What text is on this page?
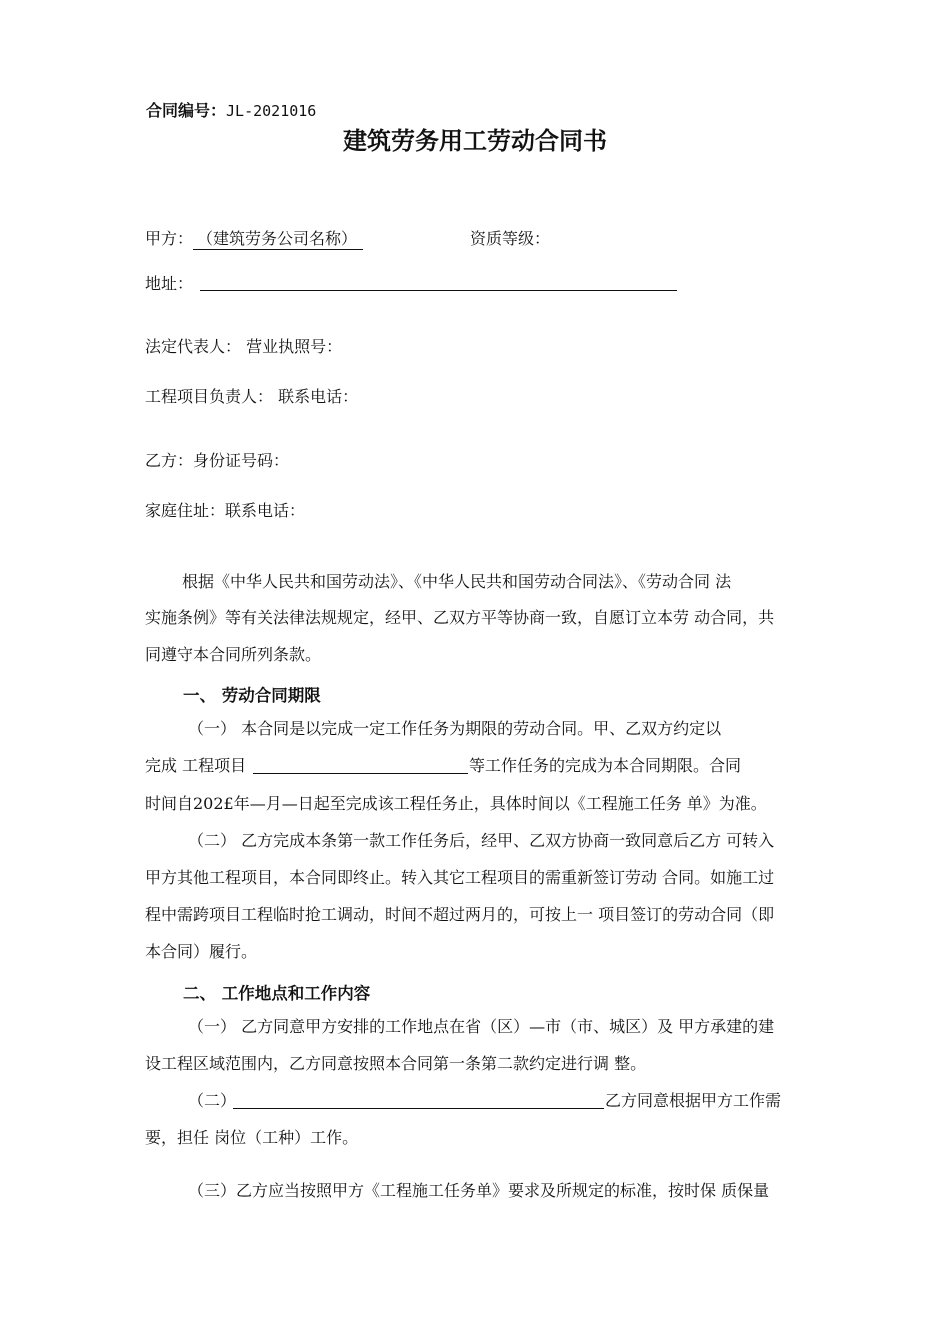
合同编号：JL-2021016
建筑劳务用工劳动合同书
甲方： （建筑劳务公司名称）	资质等级：
地址：
法定代表人： 营业执照号：
工程项目负责人： 联系电话：
乙方：身份证号码：
家庭住址：联系电话：
根据《中华人民共和国劳动法》、《中华人民共和国劳动合同法》、《劳动合同 法
实施条例》等有关法律法规规定，经甲、乙双方平等协商一致，自愿订立本劳 动合同，共
同遵守本合同所列条款。
一、 劳动合同期限
（一） 本合同是以完成一定工作任务为期限的劳动合同。甲、乙双方约定以
完成 工程项目	等工作任务的完成为本合同期限。合同
时间自202£年—月—日起至完成该工程任务止，具体时间以《工程施工任务 单》为准。
（二） 乙方完成本条第一款工作任务后，经甲、乙双方协商一致同意后乙方 可转入
甲方其他工程项目，本合同即终止。转入其它工程项目的需重新签订劳动 合同。如施工过
程中需跨项目工程临时抢工调动，时间不超过两月的，可按上一 项目签订的劳动合同（即
本合同）履行。
二、 工作地点和工作内容
（一） 乙方同意甲方安排的工作地点在省（区）—市（市、城区）及 甲方承建的建
设工程区域范围内，乙方同意按照本合同第一条第二款约定进行调 整。
（二）	乙方同意根据甲方工作需
要，担任 岗位（工种）工作。
（三）乙方应当按照甲方《工程施工任务单》要求及所规定的标准，按时保 质保量
